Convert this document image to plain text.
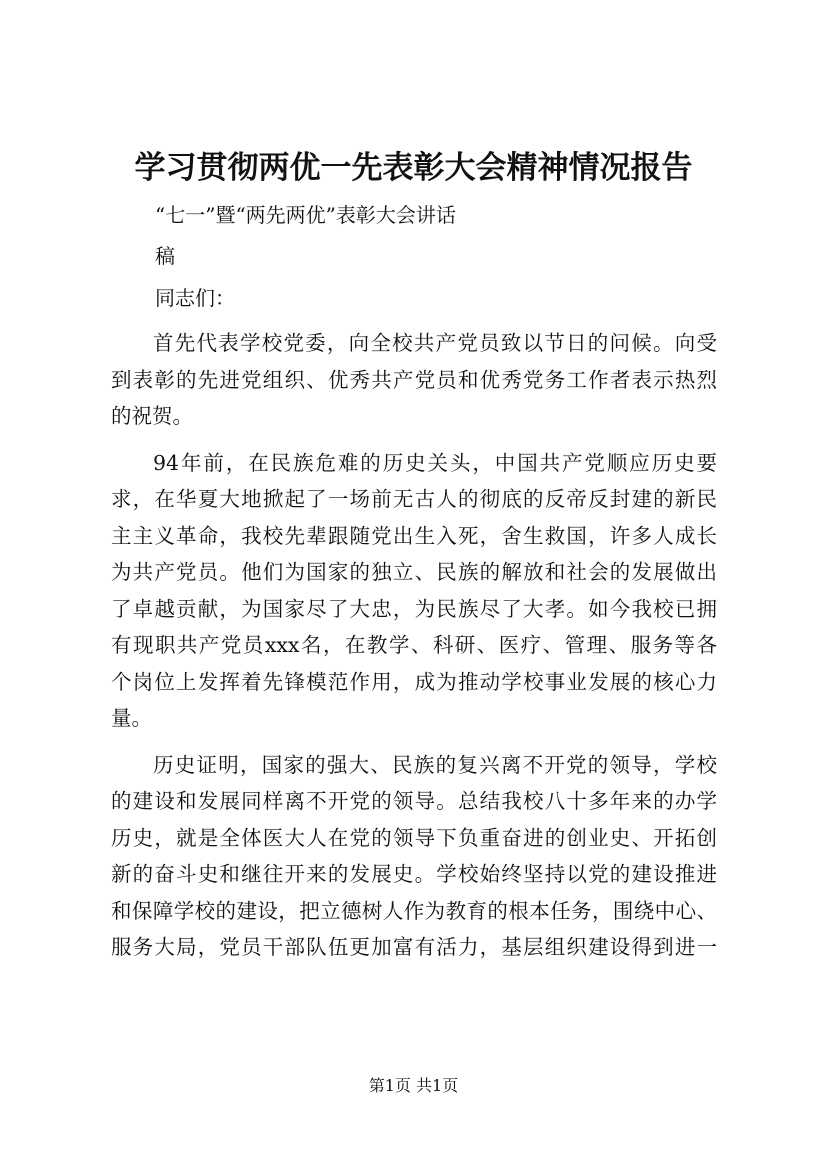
学习贯彻两优一先表彰大会精神情况报告
“七一”暨“两先两优”表彰大会讲话
稿
同志们：

首先代表学校党委，向全校共产党员致以节日的问候。向受
到表彰的先进党组织、优秀共产党员和优秀党务工作者表示热烈
的祝贺。

94年前，在民族危难的历史关头，中国共产党顺应历史要
求，在华夏大地掀起了一场前无古人的彻底的反帝反封建的新民
主主义革命，我校先辈跟随党出生入死，舍生救国，许多人成长
为共产党员。他们为国家的独立、民族的解放和社会的发展做出
了卓越贡献，为国家尽了大忠，为民族尽了大孝。如今我校已拥
有现职共产党员xxx名，在教学、科研、医疗、管理、服务等各
个岗位上发挥着先锋模范作用，成为推动学校事业发展的核心力
量。

历史证明，国家的强大、民族的复兴离不开党的领导，学校
的建设和发展同样离不开党的领导。总结我校八十多年来的办学
历史，就是全体医大人在党的领导下负重奋进的创业史、开拓创
新的奋斗史和继往开来的发展史。学校始终坚持以党的建设推进
和保障学校的建设，把立德树人作为教育的根本任务，围绕中心、
服务大局，党员干部队伍更加富有活力，基层组织建设得到进一

第1页 共1页
